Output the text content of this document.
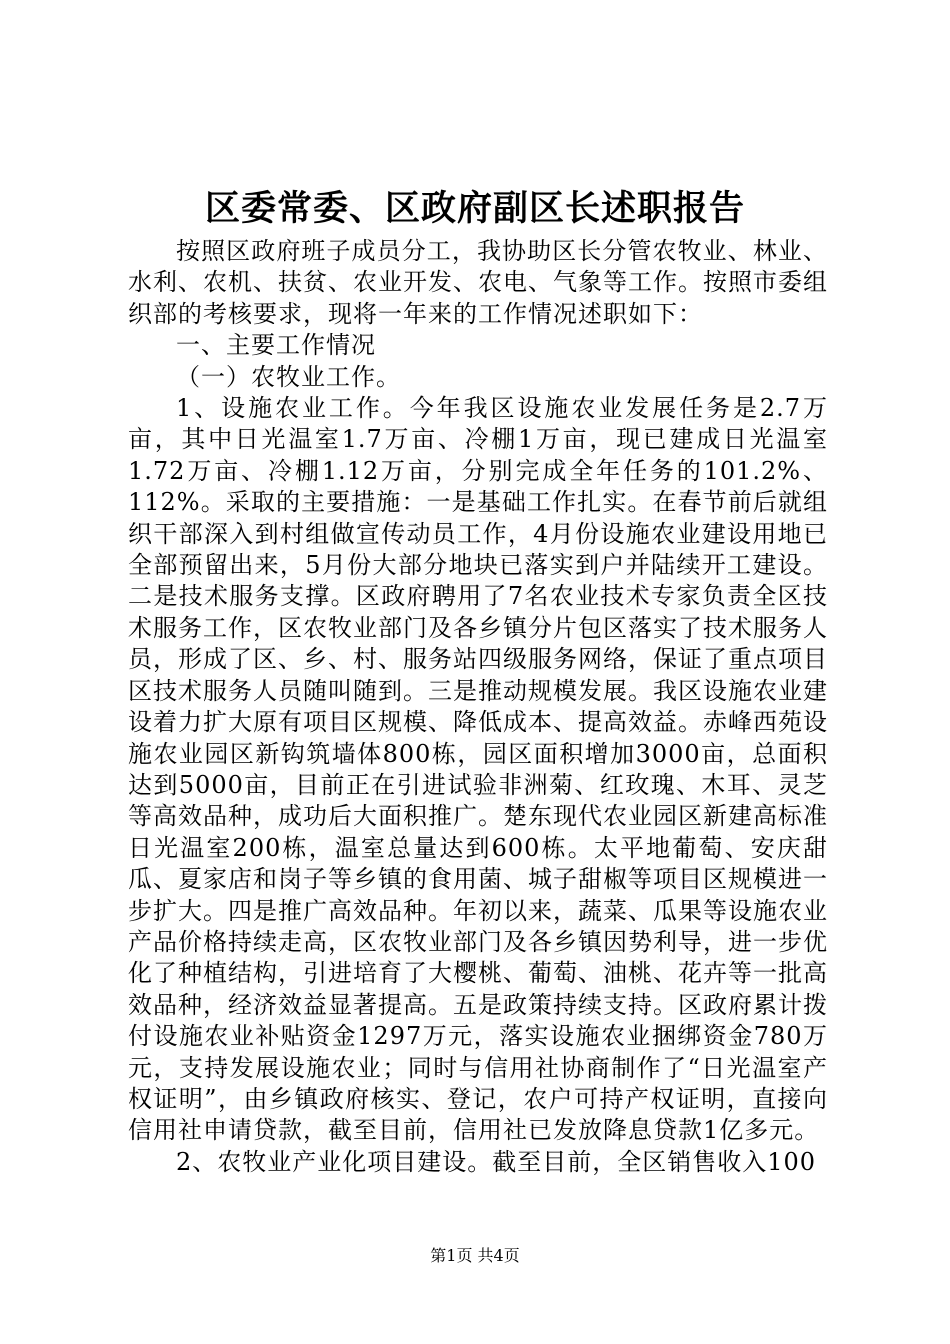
区委常委、区政府副区长述职报告

按照区政府班子成员分工，我协助区长分管农牧业、林业、水利、农机、扶贫、农业开发、农电、气象等工作。按照市委组织部的考核要求，现将一年来的工作情况述职如下：

一、主要工作情况

（一）农牧业工作。

1、设施农业工作。今年我区设施农业发展任务是2.7万亩，其中日光温室1.7万亩、冷棚1万亩，现已建成日光温室1.72万亩、冷棚1.12万亩，分别完成全年任务的101.2%、112%。采取的主要措施：一是基础工作扎实。在春节前后就组织干部深入到村组做宣传动员工作，4月份设施农业建设用地已全部预留出来，5月份大部分地块已落实到户并陆续开工建设。二是技术服务支撑。区政府聘用了7名农业技术专家负责全区技术服务工作，区农牧业部门及各乡镇分片包区落实了技术服务人员，形成了区、乡、村、服务站四级服务网络，保证了重点项目区技术服务人员随叫随到。三是推动规模发展。我区设施农业建设着力扩大原有项目区规模、降低成本、提高效益。赤峰西苑设施农业园区新钩筑墙体800栋，园区面积增加3000亩，总面积达到5000亩，目前正在引进试验非洲菊、红玫瑰、木耳、灵芝等高效品种，成功后大面积推广。楚东现代农业园区新建高标准日光温室200栋，温室总量达到600栋。太平地葡萄、安庆甜瓜、夏家店和岗子等乡镇的食用菌、城子甜椒等项目区规模进一步扩大。四是推广高效品种。年初以来，蔬菜、瓜果等设施农业产品价格持续走高，区农牧业部门及各乡镇因势利导，进一步优化了种植结构，引进培育了大樱桃、葡萄、油桃、花卉等一批高效品种，经济效益显著提高。五是政策持续支持。区政府累计拨付设施农业补贴资金1297万元，落实设施农业捆绑资金780万元，支持发展设施农业；同时与信用社协商制作了“日光温室产权证明”，由乡镇政府核实、登记，农户可持产权证明，直接向信用社申请贷款，截至目前，信用社已发放降息贷款1亿多元。

2、农牧业产业化项目建设。截至目前，全区销售收入100

第1页 共4页
